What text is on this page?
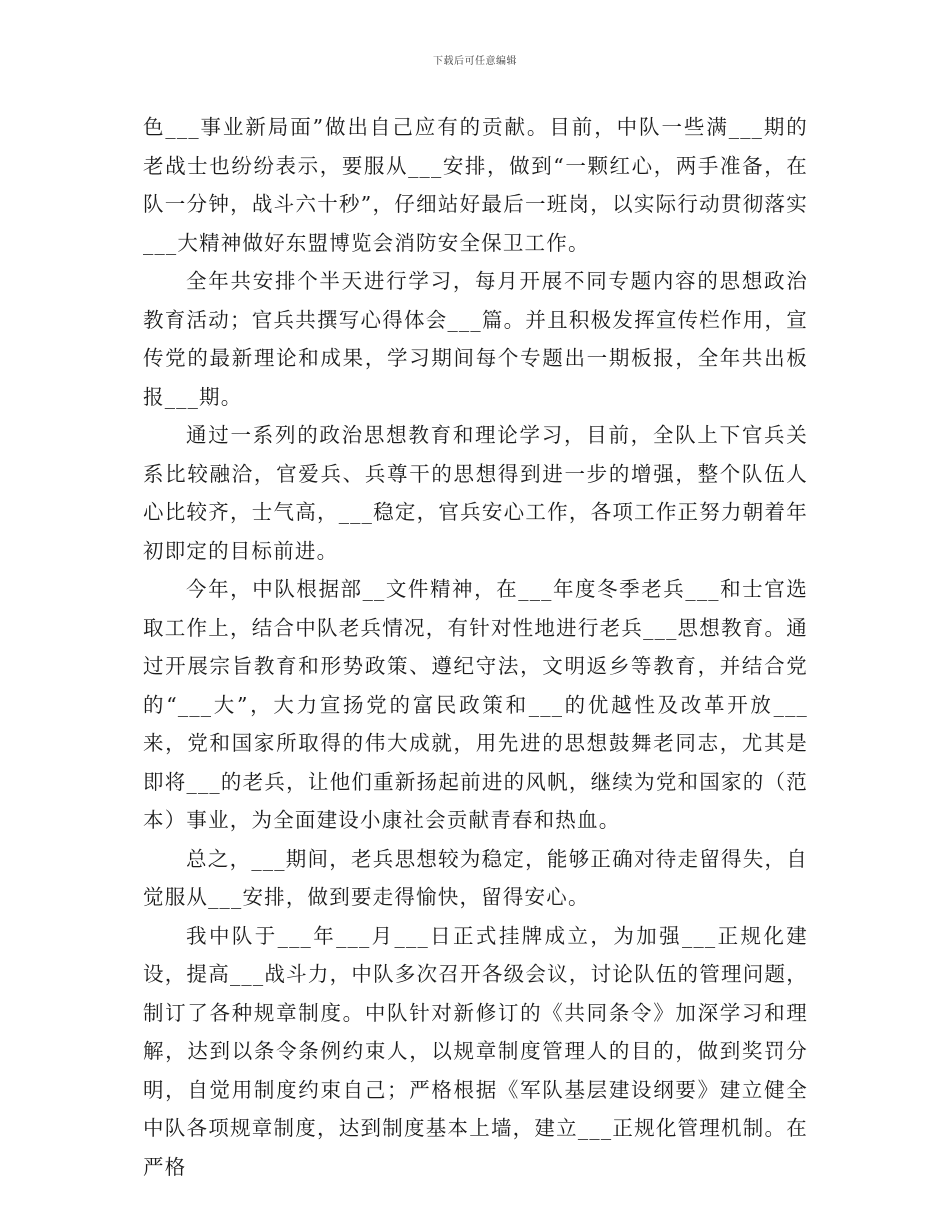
下载后可任意编辑

色___事业新局面”做出自己应有的贡献。目前，中队一些满___期的老战士也纷纷表示，要服从___安排，做到“一颗红心，两手准备，在队一分钟，战斗六十秒”，仔细站好最后一班岗，以实际行动贯彻落实___大精神做好东盟博览会消防安全保卫工作。

全年共安排个半天进行学习，每月开展不同专题内容的思想政治教育活动；官兵共撰写心得体会___篇。并且积极发挥宣传栏作用，宣传党的最新理论和成果，学习期间每个专题出一期板报，全年共出板报___期。

通过一系列的政治思想教育和理论学习，目前，全队上下官兵关系比较融洽，官爱兵、兵尊干的思想得到进一步的增强，整个队伍人心比较齐，士气高，___稳定，官兵安心工作，各项工作正努力朝着年初即定的目标前进。

今年，中队根据部__文件精神，在___年度冬季老兵___和士官选取工作上，结合中队老兵情况，有针对性地进行老兵___思想教育。通过开展宗旨教育和形势政策、遵纪守法，文明返乡等教育，并结合党的“___大”，大力宣扬党的富民政策和___的优越性及改革开放___来，党和国家所取得的伟大成就，用先进的思想鼓舞老同志，尤其是即将___的老兵，让他们重新扬起前进的风帆，继续为党和国家的（范本）事业，为全面建设小康社会贡献青春和热血。

总之，___期间，老兵思想较为稳定，能够正确对待走留得失，自觉服从___安排，做到要走得愉快，留得安心。

我中队于___年___月___日正式挂牌成立，为加强___正规化建设，提高___战斗力，中队多次召开各级会议，讨论队伍的管理问题，制订了各种规章制度。中队针对新修订的《共同条令》加深学习和理解，达到以条令条例约束人，以规章制度管理人的目的，做到奖罚分明，自觉用制度约束自己；严格根据《军队基层建设纲要》建立健全中队各项规章制度，达到制度基本上墙，建立___正规化管理机制。在严格
